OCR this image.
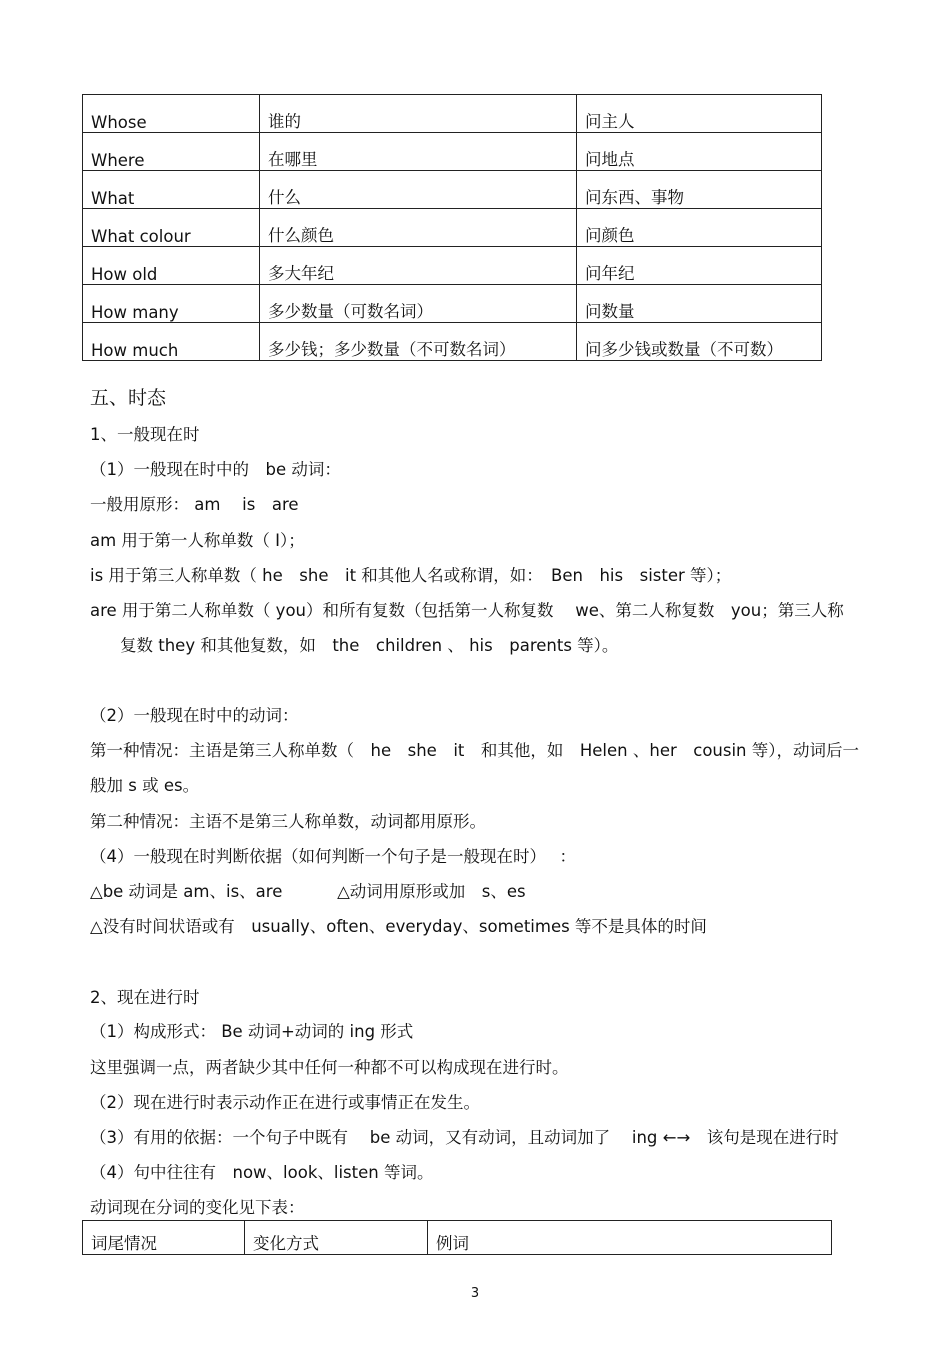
Whose	谁的	问主人
Where	在哪里	问地点
What	什么	问东西、事物
What colour	什么颜色	问颜色
How old	多大年纪	问年纪
How many	多少数量（可数名词）	问数量
How much	多少钱；多少数量（不可数名词）	问多少钱或数量（不可数）
五、时态
1、一般现在时
（1）一般现在时中的　be 动词：
一般用原形： am　 is　are
am 用于第一人称单数（ I）；
is 用于第三人称单数（ he　she　it 和其他人名或称谓，如：　Ben　his　sister 等）；
are 用于第二人称单数（ you）和所有复数（包括第一人称复数　 we、第二人称复数　you；第三人称
复数 they 和其他复数，如　the　children 、 his　parents 等）。
（2）一般现在时中的动词：
第一种情况：主语是第三人称单数（　he　she　it　和其他，如　Helen 、her　cousin 等），动词后一
般加 s 或 es。
第二种情况：主语不是第三人称单数，动词都用原形。
（4）一般现在时判断依据（如何判断一个句子是一般现在时）　 ：
△be 动词是 am、is、are　　 　△动词用原形或加　s、es
△没有时间状语或有　usually、often、everyday、sometimes 等不是具体的时间
2、现在进行时
（1）构成形式： Be 动词+动词的 ing 形式
这里强调一点，两者缺少其中任何一种都不可以构成现在进行时。
（2）现在进行时表示动作正在进行或事情正在发生。
（3）有用的依据：一个句子中既有　 be 动词，又有动词，且动词加了　 ing ←→　该句是现在进行时
（4）句中往往有　now、look、listen 等词。
动词现在分词的变化见下表：
词尾情况	变化方式	例词
3
